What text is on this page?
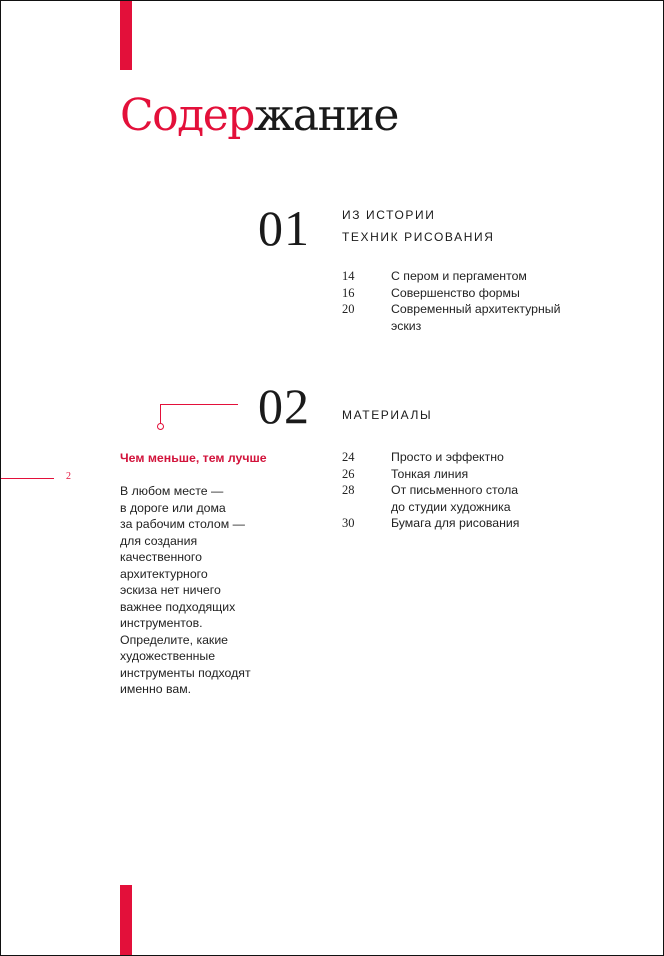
Содержание
01	ИЗ ИСТОРИИ
ТЕХНИК РИСОВАНИЯ
14	С пером и пергаментом
16	Совершенство формы
20	Современный архитектурный
эскиз
02	МАТЕРИАЛЫ
24	Просто и эффектно
26	Тонкая линия
28	От письменного стола
до студии художника
30	Бумага для рисования
2
Чем меньше, тем лучше
В любом месте —
в дороге или дома
за рабочим столом —
для создания
качественного
архитектурного
эскиза нет ничего
важнее подходящих
инструментов.
Определите, какие
художественные
инструменты подходят
именно вам.
